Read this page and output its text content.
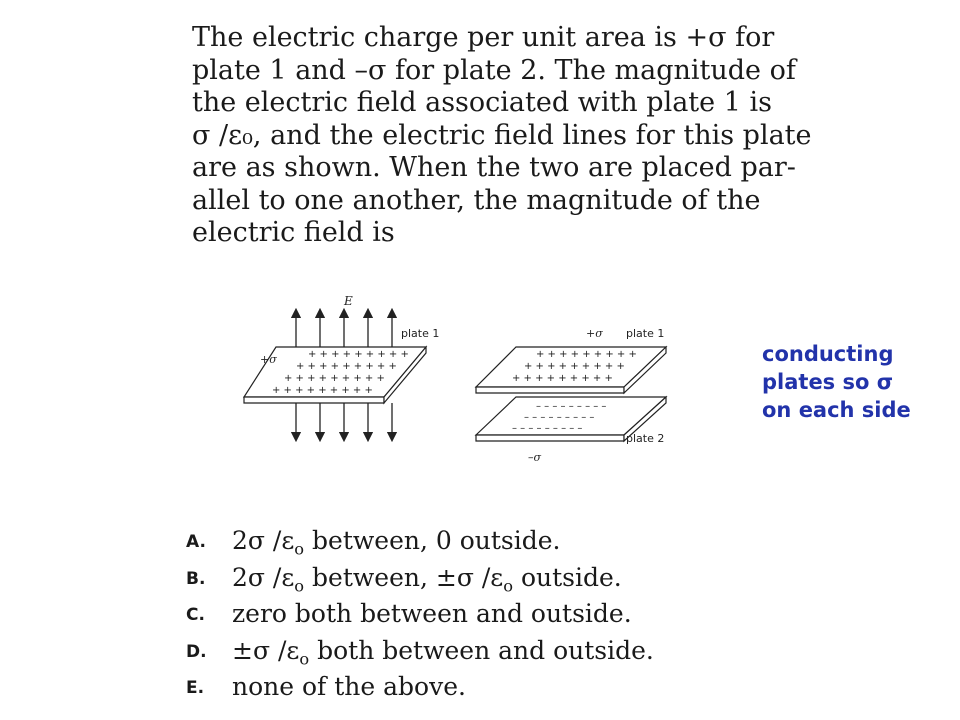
The electric charge per unit area is +σ for
plate 1 and –σ for plate 2. The magnitude of
the electric field associated with plate 1 is
σ /ε₀, and the electric field lines for this plate
are as shown. When the two are placed par-
allel to one another, the magnitude of the
electric field is
E
+ + + + + + + + +
+ + + + + + + + +
+ + + + + + + + +
+ + + + + + + + +
+σ
plate 1	+σ plate 1
+ + + + + + + + +
+ + + + + + + + +
+ + + + + + + + +
– – – – – – – – –
– – – – – – – – –
– – – – – – – – –
plate 2
–σ
conducting
plates so σ
on each side
A. 2σ $/\varepsilon_o$ between, 0 outside.
B. 2σ $/\varepsilon_o$ between, ±σ $/\varepsilon_o$ outside.
C. zero both between and outside.
D. ±σ $/\varepsilon_o$ both between and outside.
E. none of the above.
